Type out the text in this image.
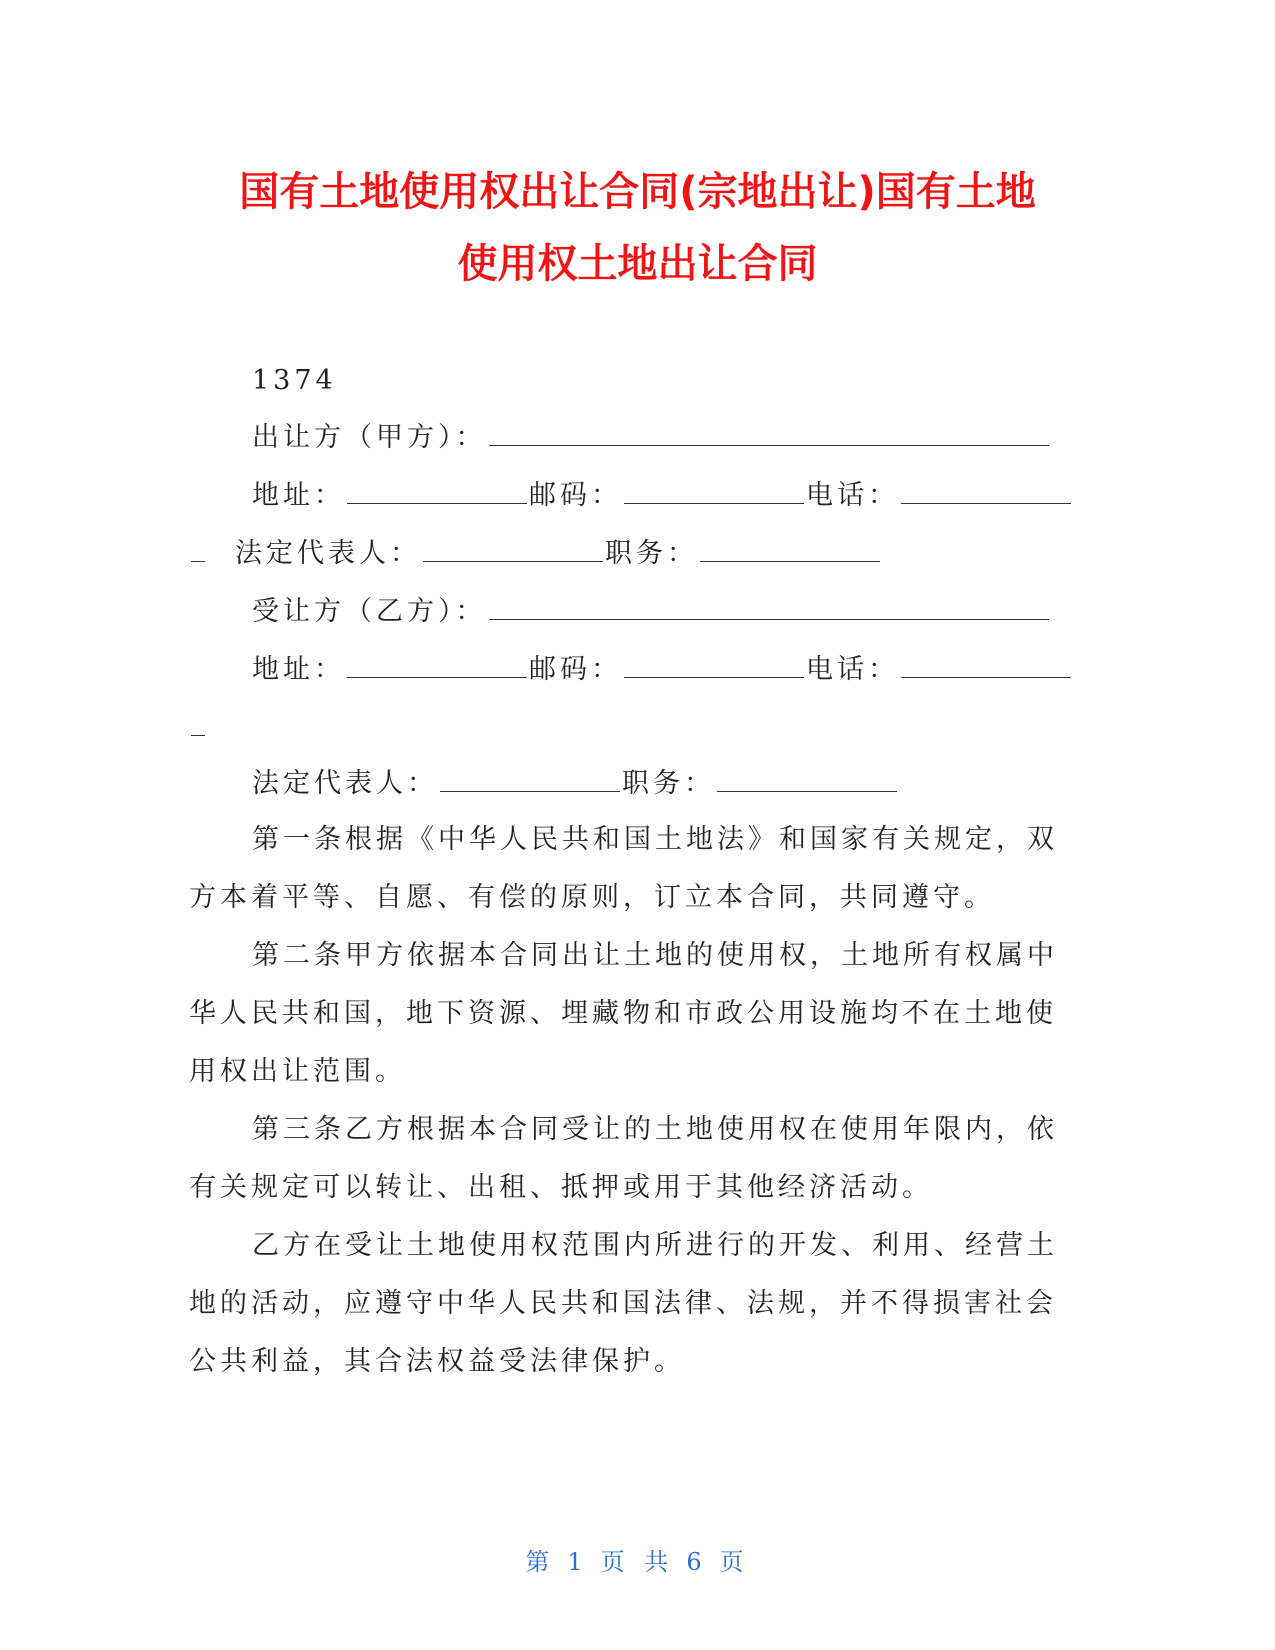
国有土地使用权出让合同(宗地出让)国有土地
使用权土地出让合同
1374
出让方（甲方）：
地址：	邮码：	电话：
法定代表人：	职务：
受让方（乙方）：
地址：	邮码：	电话：
法定代表人：	职务：
第一条根据《中华人民共和国土地法》和国家有关规定，双
方本着平等、自愿、有偿的原则，订立本合同，共同遵守。
第二条甲方依据本合同出让土地的使用权，土地所有权属中
华人民共和国，地下资源、埋藏物和市政公用设施均不在土地使
用权出让范围。
第三条乙方根据本合同受让的土地使用权在使用年限内，依
有关规定可以转让、出租、抵押或用于其他经济活动。
乙方在受让土地使用权范围内所进行的开发、利用、经营土
地的活动，应遵守中华人民共和国法律、法规，并不得损害社会
公共利益，其合法权益受法律保护。
第 1 页 共 6 页
